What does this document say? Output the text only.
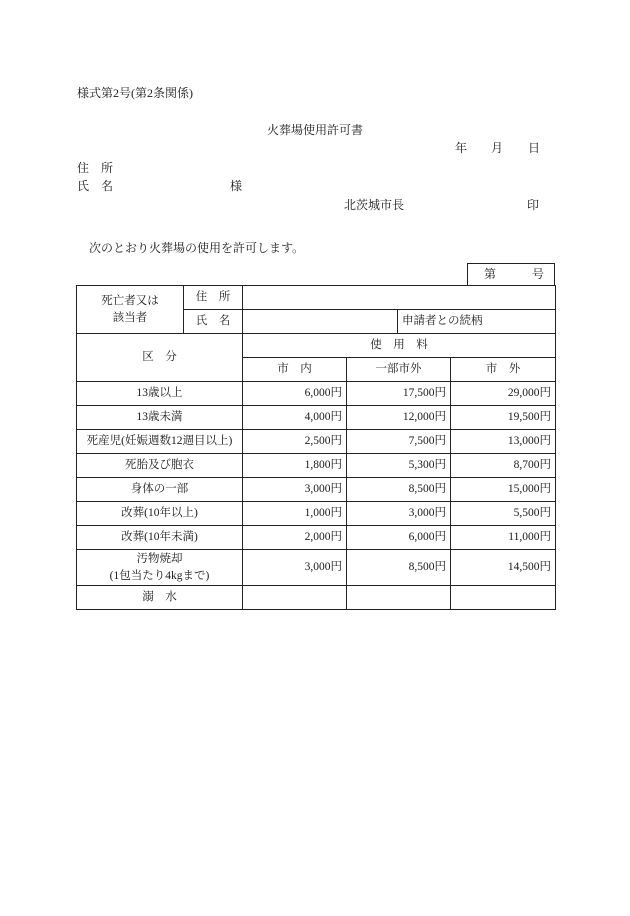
様式第2号(第2条関係)
火葬場使用許可書
年 月 日
住　所
氏　名	様
北茨城市長	印
次のとおり火葬場の使用を許可します。
第	号
死亡者又は
該当者	住　所				
	氏　名			申請者との続柄	
区　分		使　用　料			
		市　内	一部市外		市　外
13歳以上		6,000円	17,500円		29,000円
13歳未満		4,000円	12,000円		19,500円
死産児(妊娠週数12週目以上)		2,500円	7,500円		13,000円
死胎及び胞衣		1,800円	5,300円		8,700円
身体の一部		3,000円	8,500円		15,000円
改葬(10年以上)		1,000円	3,000円		5,500円
改葬(10年未満)		2,000円	6,000円		11,000円
汚物焼却
(1包当たり4kgまで)		3,000円	8,500円		14,500円
溺　水					
